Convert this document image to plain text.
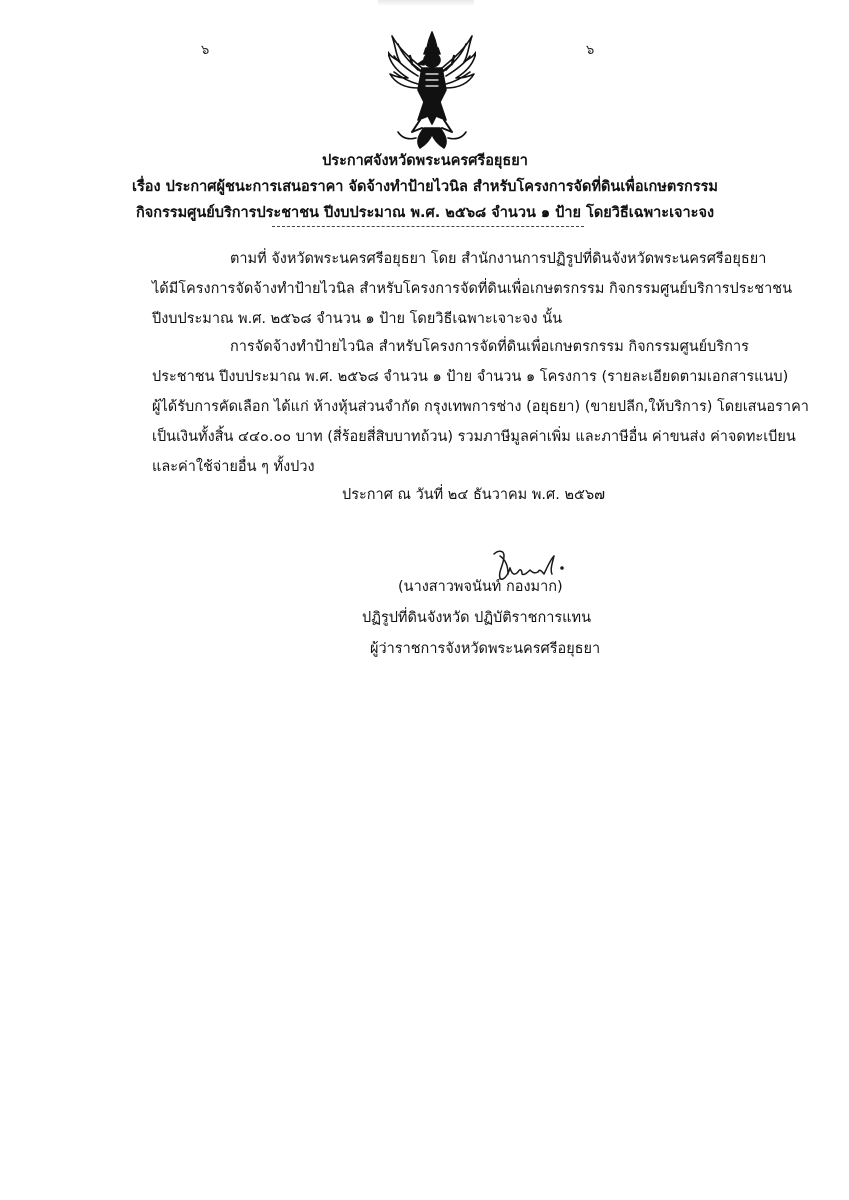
๖	๖
ประกาศจังหวัดพระนครศรีอยุธยา
เรื่อง ประกาศผู้ชนะการเสนอราคา จัดจ้างทำป้ายไวนิล สำหรับโครงการจัดที่ดินเพื่อเกษตรกรรม
กิจกรรมศูนย์บริการประชาชน ปีงบประมาณ พ.ศ. ๒๕๖๘ จำนวน ๑ ป้าย โดยวิธีเฉพาะเจาะจง
ตามที่ จังหวัดพระนครศรีอยุธยา โดย สำนักงานการปฏิรูปที่ดินจังหวัดพระนครศรีอยุธยา
ได้มีโครงการจัดจ้างทำป้ายไวนิล สำหรับโครงการจัดที่ดินเพื่อเกษตรกรรม กิจกรรมศูนย์บริการประชาชน
ปีงบประมาณ พ.ศ. ๒๕๖๘ จำนวน ๑ ป้าย โดยวิธีเฉพาะเจาะจง นั้น
การจัดจ้างทำป้ายไวนิล สำหรับโครงการจัดที่ดินเพื่อเกษตรกรรม กิจกรรมศูนย์บริการ
ประชาชน ปีงบประมาณ พ.ศ. ๒๕๖๘ จำนวน ๑ ป้าย จำนวน ๑ โครงการ (รายละเอียดตามเอกสารแนบ)
ผู้ได้รับการคัดเลือก ได้แก่ ห้างหุ้นส่วนจำกัด กรุงเทพการช่าง (อยุธยา) (ขายปลีก,ให้บริการ) โดยเสนอราคา
เป็นเงินทั้งสิ้น ๔๔๐.๐๐ บาท (สี่ร้อยสี่สิบบาทถ้วน) รวมภาษีมูลค่าเพิ่ม และภาษีอื่น ค่าขนส่ง ค่าจดทะเบียน
และค่าใช้จ่ายอื่น ๆ ทั้งปวง
ประกาศ ณ วันที่ ๒๔ ธันวาคม พ.ศ. ๒๕๖๗
(นางสาวพจนันท์ กองมาก)
ปฏิรูปที่ดินจังหวัด ปฏิบัติราชการแทน
ผู้ว่าราชการจังหวัดพระนครศรีอยุธยา
